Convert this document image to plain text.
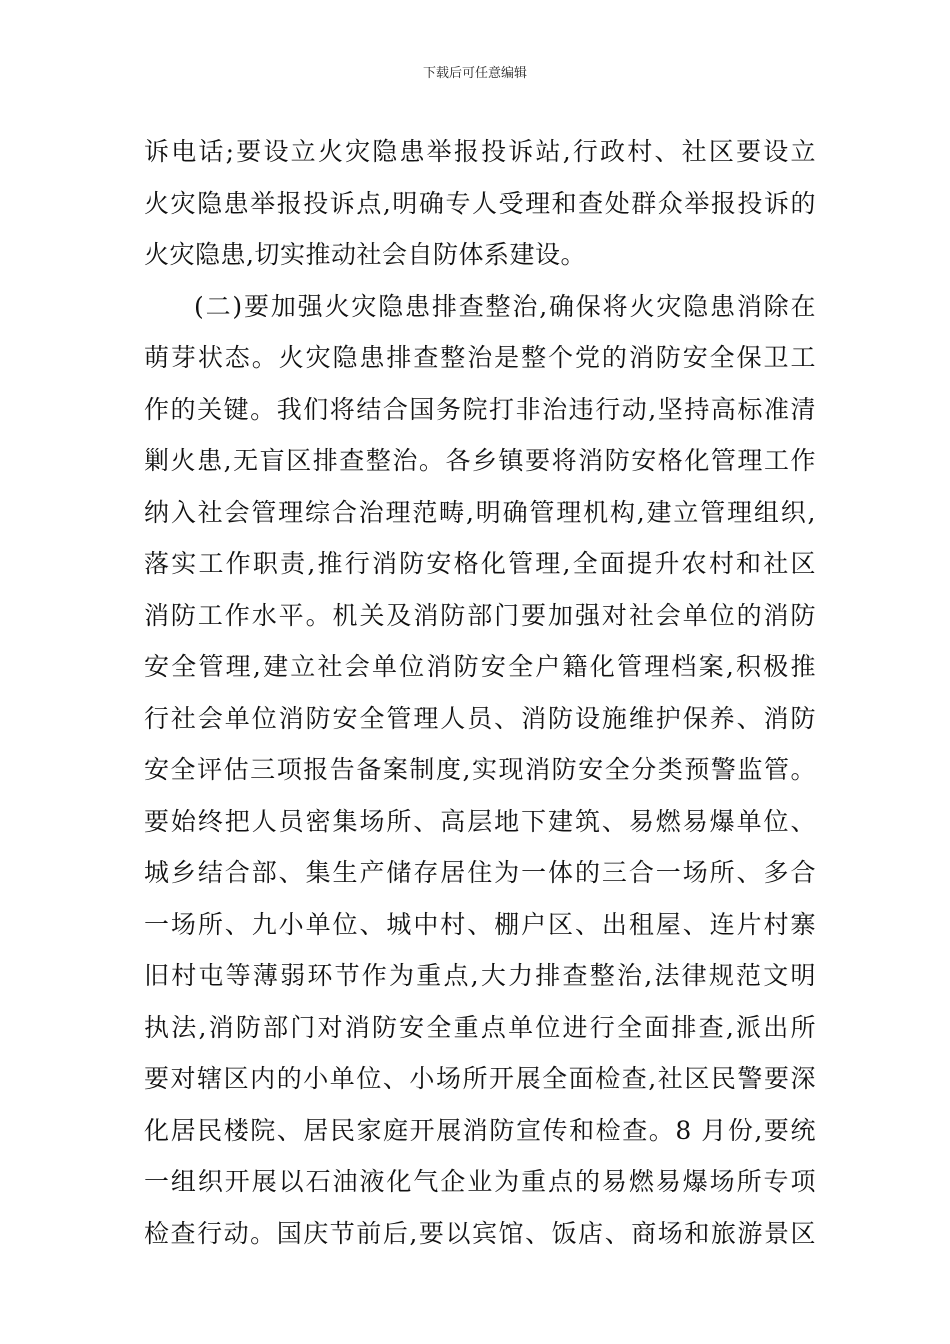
下载后可任意编辑
诉电话;要设立火灾隐患举报投诉站,行政村、社区要设立
火灾隐患举报投诉点,明确专人受理和查处群众举报投诉的
火灾隐患,切实推动社会自防体系建设。
(二)要加强火灾隐患排查整治,确保将火灾隐患消除在
萌芽状态。火灾隐患排查整治是整个党的消防安全保卫工
作的关键。我们将结合国务院打非治违行动,坚持高标准清
剿火患,无盲区排查整治。各乡镇要将消防安格化管理工作
纳入社会管理综合治理范畴,明确管理机构,建立管理组织,
落实工作职责,推行消防安格化管理,全面提升农村和社区
消防工作水平。机关及消防部门要加强对社会单位的消防
安全管理,建立社会单位消防安全户籍化管理档案,积极推
行社会单位消防安全管理人员、消防设施维护保养、消防
安全评估三项报告备案制度,实现消防安全分类预警监管。
要始终把人员密集场所、高层地下建筑、易燃易爆单位、
城乡结合部、集生产储存居住为一体的三合一场所、多合
一场所、九小单位、城中村、棚户区、出租屋、连片村寨
旧村屯等薄弱环节作为重点,大力排查整治,法律规范文明
执法,消防部门对消防安全重点单位进行全面排查,派出所
要对辖区内的小单位、小场所开展全面检查,社区民警要深
化居民楼院、居民家庭开展消防宣传和检查。8 月份,要统
一组织开展以石油液化气企业为重点的易燃易爆场所专项
检查行动。国庆节前后,要以宾馆、饭店、商场和旅游景区
